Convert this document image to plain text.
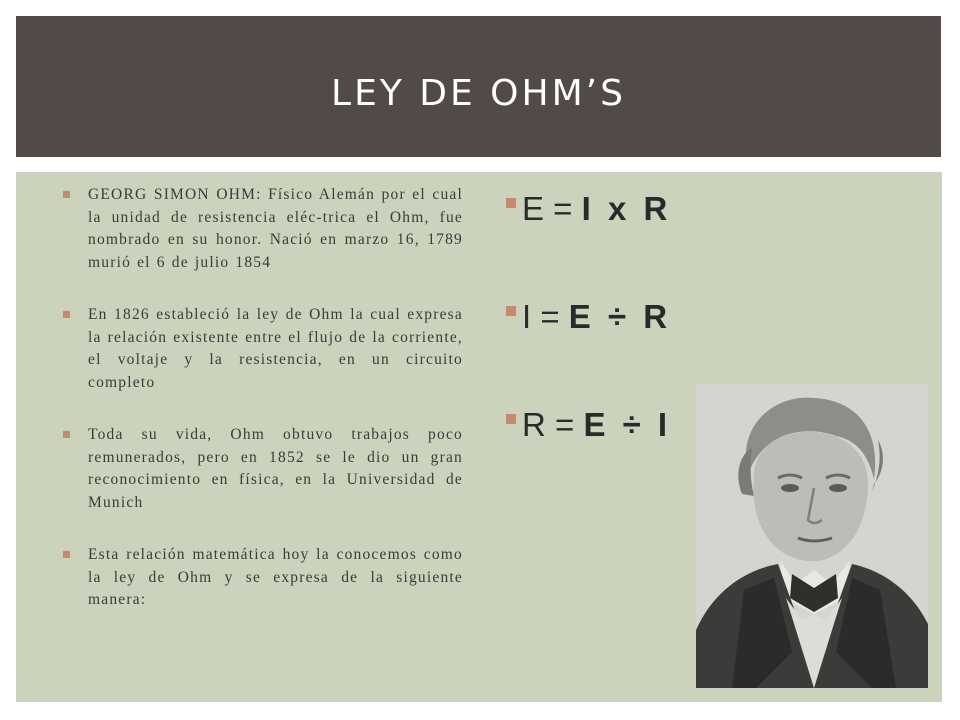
LEY DE OHM’S
GEORG SIMON OHM: Físico Alemán por el cual la unidad de resistencia eléc-trica el Ohm, fue nombrado en su honor. Nació en marzo 16, 1789 murió el 6 de julio 1854
En 1826 estableció la ley de Ohm la cual expresa la relación existente entre el flujo de la corriente, el voltaje y la resistencia, en un circuito completo
Toda su vida, Ohm obtuvo trabajos poco remunerados, pero en 1852 se le dio un gran reconocimiento en física, en la Universidad de Munich
Esta relación matemática hoy la conocemos como la ley de Ohm y se expresa de la siguiente manera:
E = I x R
I = E ÷ R
R = E ÷ I
